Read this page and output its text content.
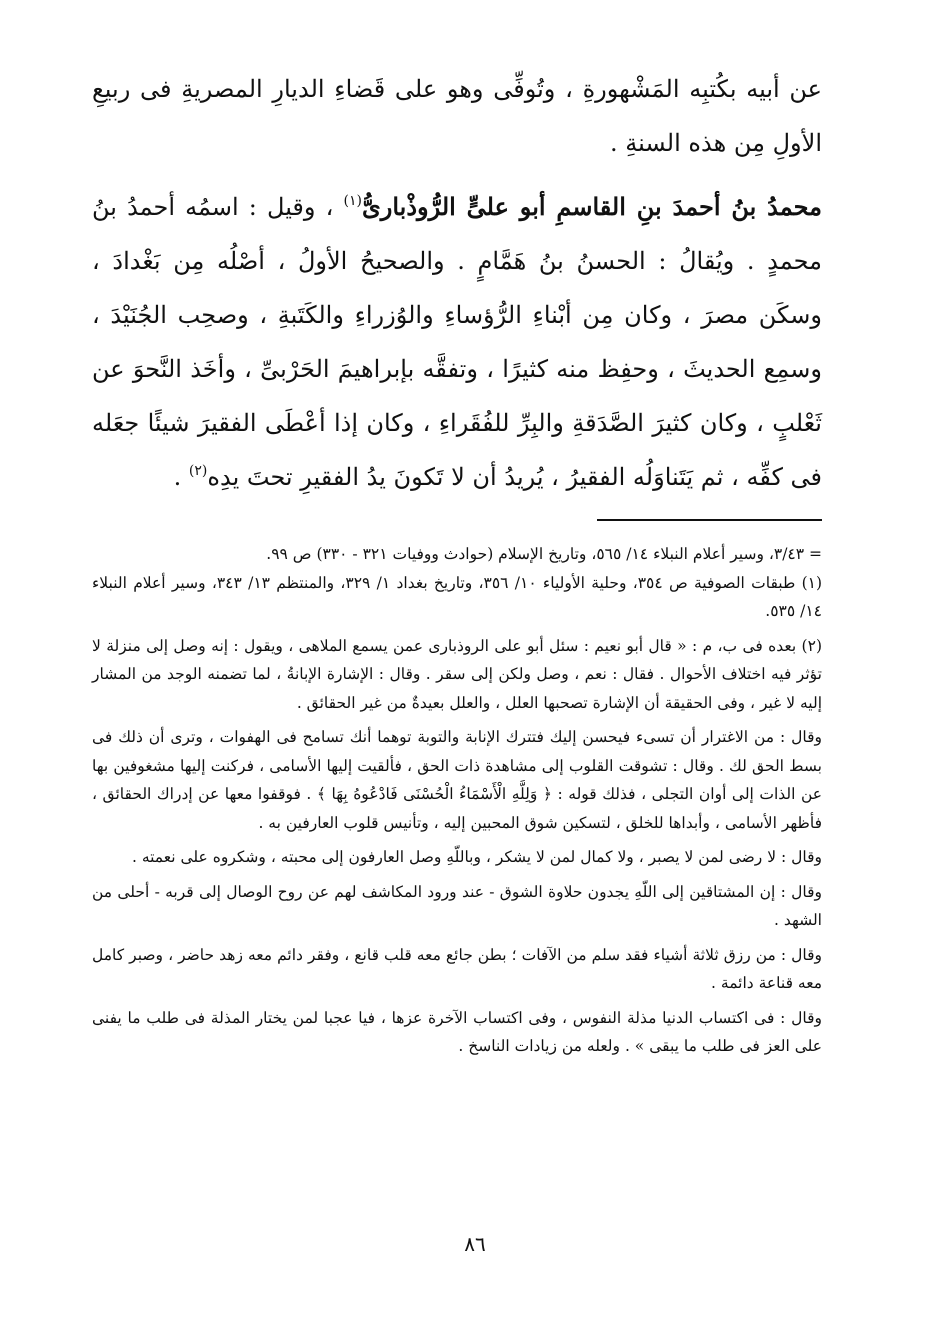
عن أبيه بكُتبِه المَشْهورةِ ، وتُوفِّى وهو على قَضاءِ الديارِ المصريةِ فى ربيعِ الأولِ مِن هذه السنةِ .

محمدُ بنُ أحمدَ بنِ القاسمِ أبو علىٍّ الرُّوذْبارىُّ$^{(١)}$ ، وقيل : اسمُه أحمدُ بنُ محمدٍ . ويُقالُ : الحسنُ بنُ هَمَّامٍ . والصحيحُ الأولُ ، أصْلُه مِن بَغْدادَ ، وسكَن مصرَ ، وكان مِن أبْناءِ الرُّؤساءِ والوُزراءِ والكَتَبةِ ، وصحِب الجُنَيْدَ ، وسمِع الحديثَ ، وحفِظ منه كثيرًا ، وتفقَّه بإبراهيمَ الحَرْبىِّ ، وأخَذ النَّحوَ عن ثَعْلبٍ ، وكان كثيرَ الصَّدَقةِ والبِرِّ للفُقَراءِ ، وكان إذا أعْطَى الفقيرَ شيئًا جعَله فى كفِّه ، ثم يَتَناوَلُه الفقيرُ ، يُريدُ أن لا تَكونَ يدُ الفقيرِ تحتَ يدِه$^{(٢)}$ .

= ٣/٤٣، وسير أعلام النبلاء ١٤/ ٥٦٥، وتاريخ الإسلام (حوادث ووفيات ٣٢١ - ٣٣٠) ص ٩٩.

(١) طبقات الصوفية ص ٣٥٤، وحلية الأولياء ١٠/ ٣٥٦، وتاريخ بغداد ١/ ٣٢٩، والمنتظم ١٣/ ٣٤٣، وسير أعلام النبلاء ١٤/ ٥٣٥.

(٢) بعده فى ب، م : « قال أبو نعيم : سئل أبو على الروذبارى عمن يسمع الملاهى ، ويقول : إنه وصل إلى منزلة لا تؤثر فيه اختلاف الأحوال . فقال : نعم ، وصل ولكن إلى سقر . وقال : الإشارة الإبانةُ ، لما تضمنه الوجد من المشار إليه لا غير ، وفى الحقيقة أن الإشارة تصحبها العلل ، والعلل بعيدةٌ من غير الحقائق .

وقال : من الاغترار أن تسىء فيحسن إليك فتترك الإنابة والتوبة توهما أنك تسامح فى الهفوات ، وترى أن ذلك فى بسط الحق لك . وقال : تشوقت القلوب إلى مشاهدة ذات الحق ، فألقيت إليها الأسامى ، فركنت إليها مشغوفين بها عن الذات إلى أوان التجلى ، فذلك قوله : ﴿ وَلِلَّهِ الْأَسْمَاءُ الْحُسْنَى فَادْعُوهُ بِهَا ﴾ . فوقفوا معها عن إدراك الحقائق ، فأظهر الأسامى ، وأبداها للخلق ، لتسكين شوق المحبين إليه ، وتأنيس قلوب العارفين به .

وقال : لا رضى لمن لا يصبر ، ولا كمال لمن لا يشكر ، وباللّهِ وصل العارفون إلى محبته ، وشكروه على نعمته .

وقال : إن المشتاقين إلى اللّهِ يجدون حلاوة الشوق - عند ورود المكاشف لهم عن روح الوصال إلى قربه - أحلى من الشهد .

وقال : من رزق ثلاثة أشياء فقد سلم من الآفات ؛ بطن جائع معه قلب قانع ، وفقر دائم معه زهد حاضر ، وصبر كامل معه قناعة دائمة .

وقال : فى اكتساب الدنيا مذلة النفوس ، وفى اكتساب الآخرة عزها ، فيا عجبا لمن يختار المذلة فى طلب ما يفنى على العز فى طلب ما يبقى » . ولعله من زيادات الناسخ .

٨٦
